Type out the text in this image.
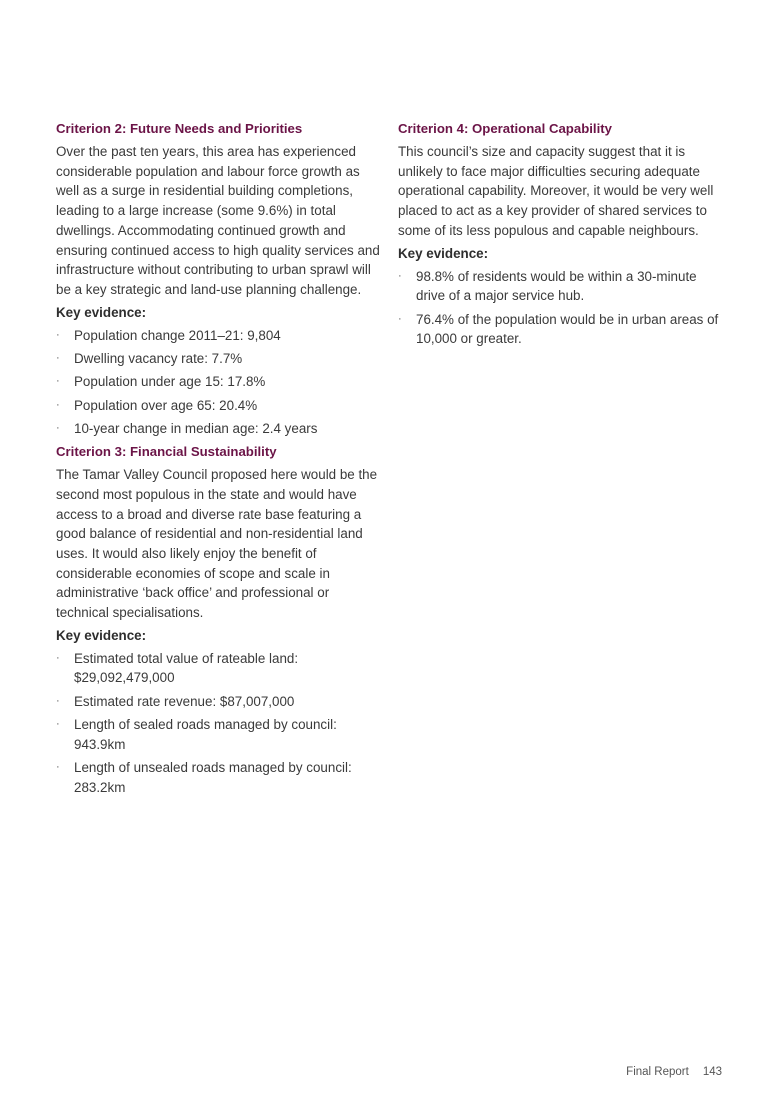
Criterion 2: Future Needs and Priorities

Over the past ten years, this area has experienced considerable population and labour force growth as well as a surge in residential building completions, leading to a large increase (some 9.6%) in total dwellings. Accommodating continued growth and ensuring continued access to high quality services and infrastructure without contributing to urban sprawl will be a key strategic and land-use planning challenge.

Key evidence:

· Population change 2011–21: 9,804
· Dwelling vacancy rate: 7.7%
· Population under age 15: 17.8%
· Population over age 65: 20.4%
· 10-year change in median age: 2.4 years

Criterion 3: Financial Sustainability

The Tamar Valley Council proposed here would be the second most populous in the state and would have access to a broad and diverse rate base featuring a good balance of residential and non-residential land uses. It would also likely enjoy the benefit of considerable economies of scope and scale in administrative ‘back office’ and professional or technical specialisations.

Key evidence:

· Estimated total value of rateable land: $29,092,479,000
· Estimated rate revenue: $87,007,000
· Length of sealed roads managed by council: 943.9km
· Length of unsealed roads managed by council: 283.2km

Criterion 4: Operational Capability

This council’s size and capacity suggest that it is unlikely to face major difficulties securing adequate operational capability. Moreover, it would be very well placed to act as a key provider of shared services to some of its less populous and capable neighbours.

Key evidence:

· 98.8% of residents would be within a 30-minute drive of a major service hub.
· 76.4% of the population would be in urban areas of 10,000 or greater.
Final Report 143
